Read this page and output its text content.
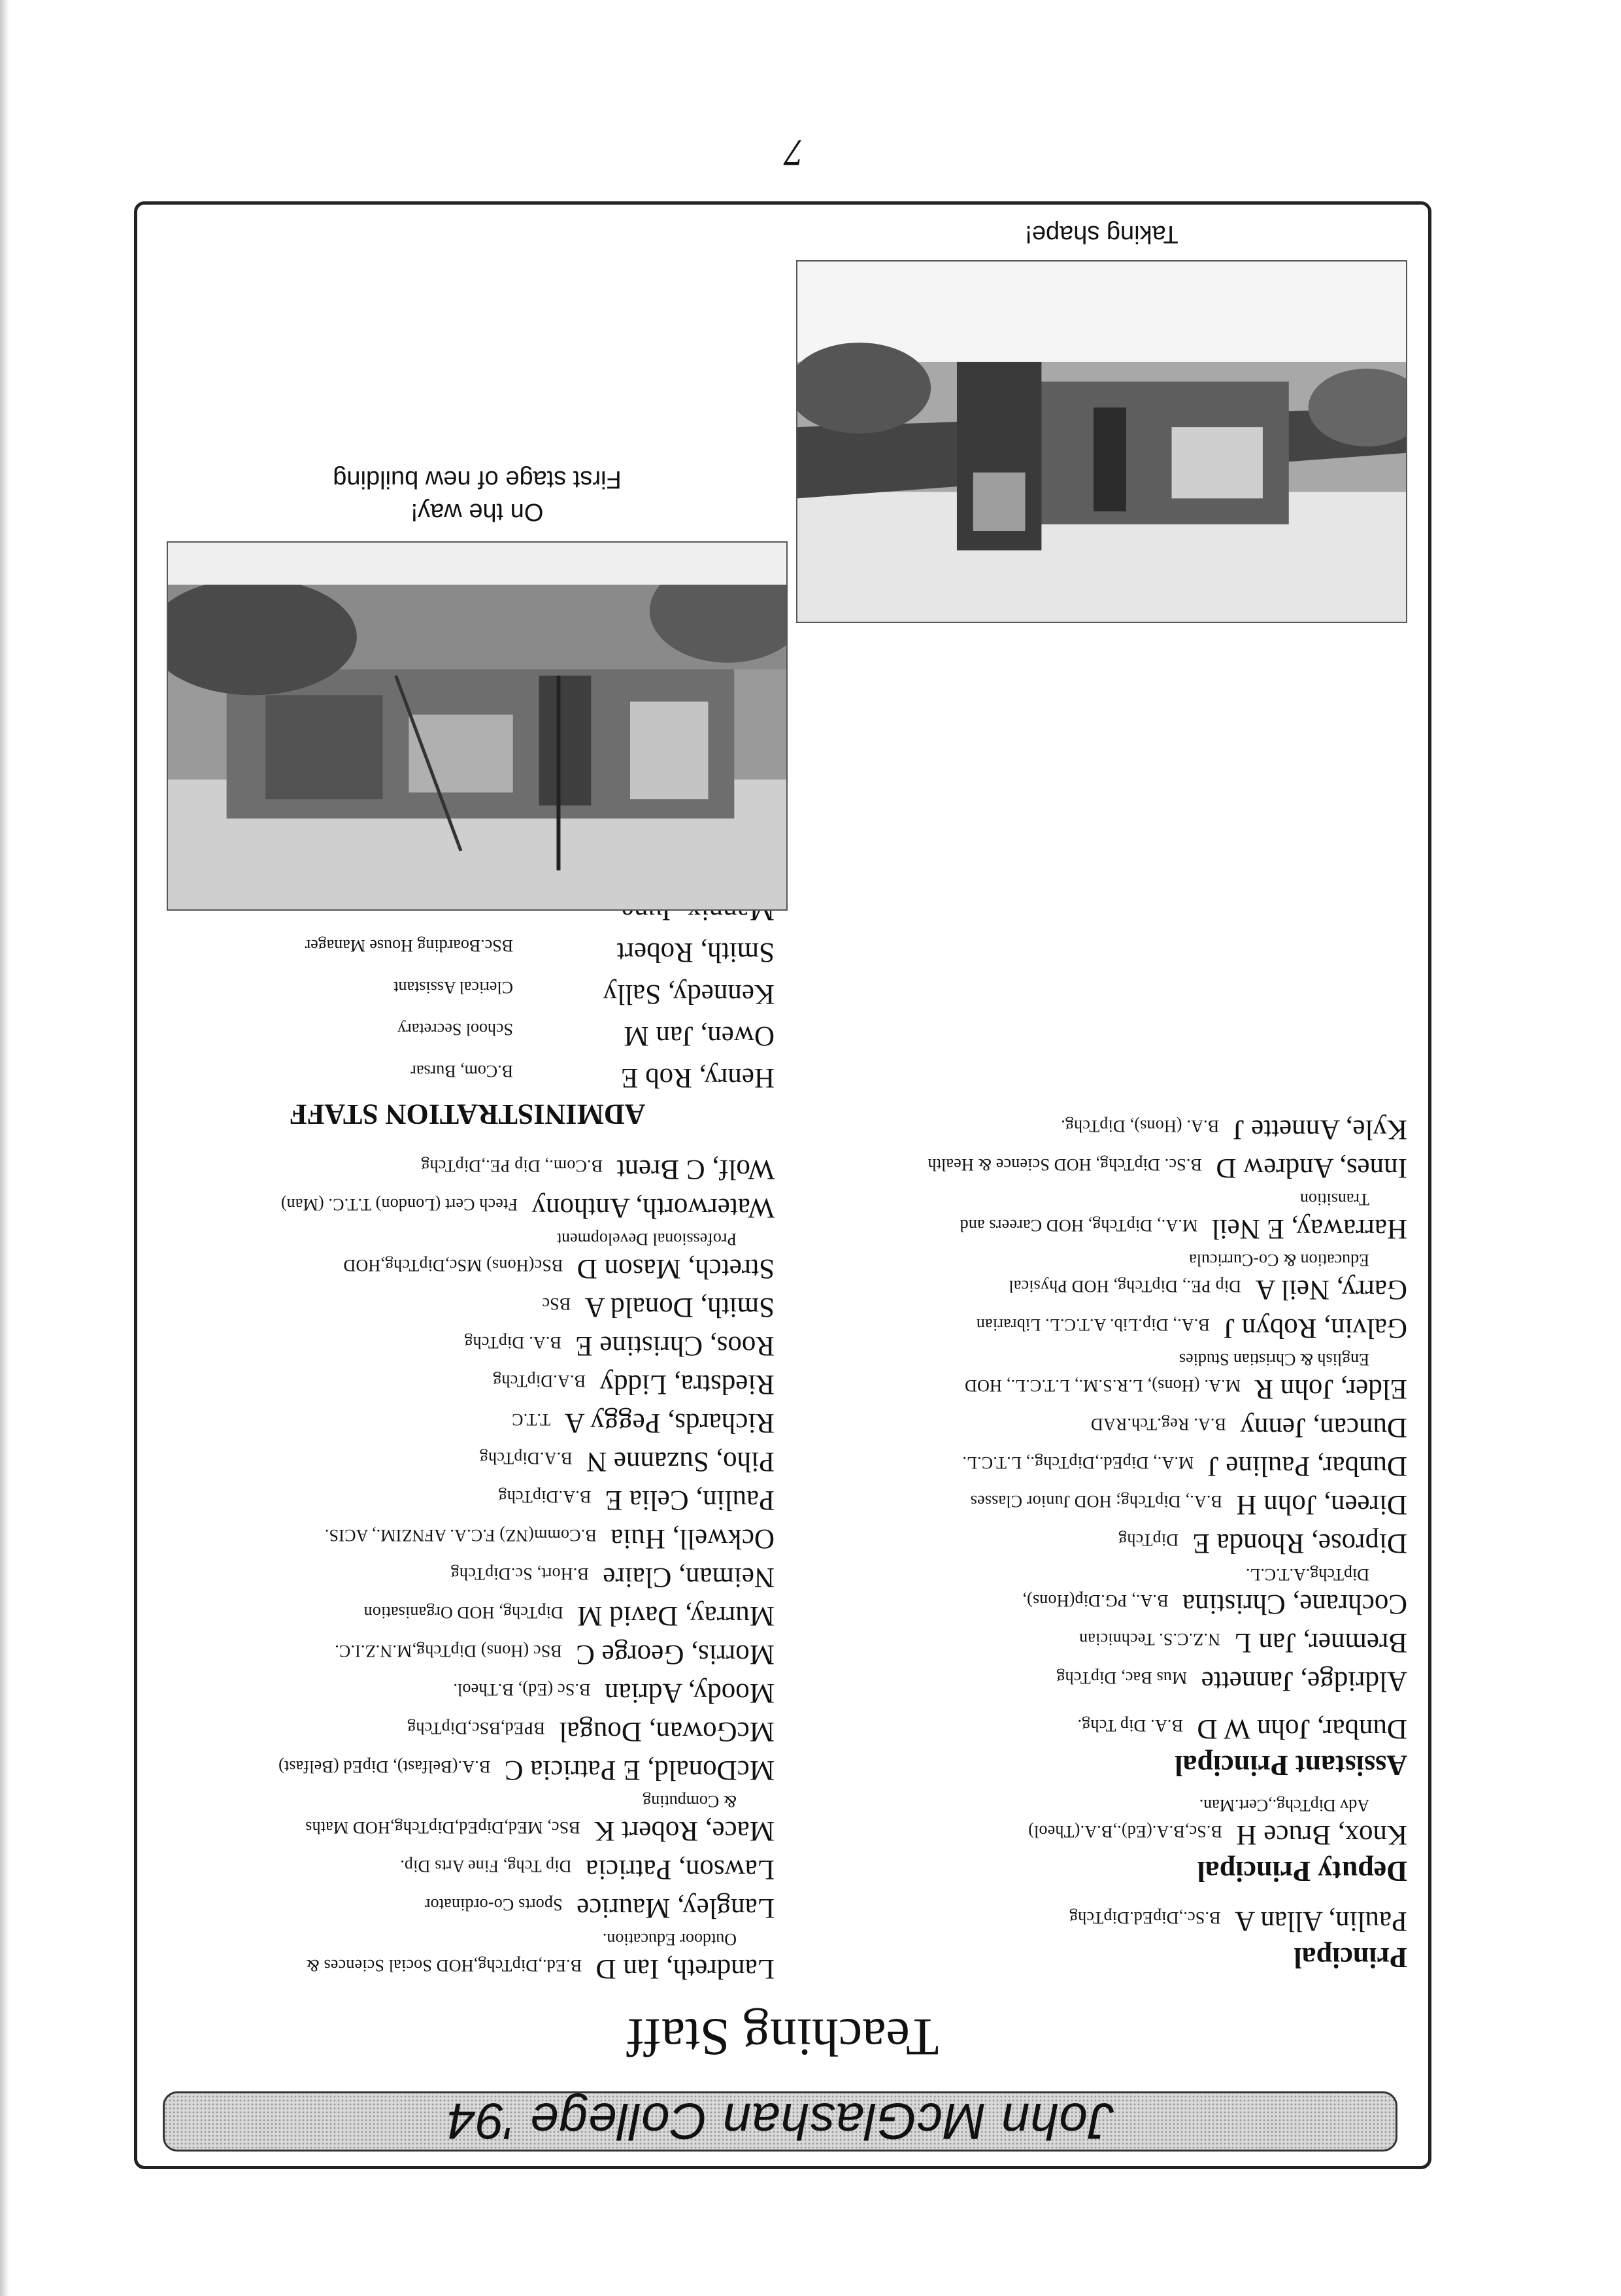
7
John McGlashan College '94
Teaching Staff
Principal
Paulin, Allan A  B.Sc.,DipEd.DipTchg
Deputy Principal
Knox, Bruce H  B.Sc,B.A.(Ed).,B.A.(Theol)
Adv DipTchg.,Cert.Man.
Assistant Principal
Dunbar, John W D  B.A. Dip Tchg.
Aldridge, Jannette  Mus Bac, DipTchg
Bremner, Jan L  N.Z.C.S. Technician
Cochrane, Christina  B.A., PG.Dip(Hons),
DipTchg.A.T.C.L.
Diprose, Rhonda E  DipTchg
Direen, John H  B.A., DipTchg; HOD Junior Classes
Dunbar, Pauline J  M.A., DipEd.,DipTchg., L.T.C.L.
Duncan, Jenny  B.A. Reg.Tch.RAD
Elder, John R  M.A. (Hons), L.R.S.M., L.T.C.L., HOD
English & Christian Studies
Galvin, Robyn J  B.A., Dip.Lib. A.T.C.L. Librarian
Garry, Neil A  Dip PE., DipTchg, HOD Physical
Education & Co-Curricula
Harraway, E Neil  M.A., DipTchg, HOD Careers and
Transition
Innes, Andrew D  B.Sc. DipTchg, HOD Science & Health
Kyle, Annette J  B.A. (Hons), DipTchg.
Landreth, Ian D  B.Ed.,DipTchg,HOD Social Sciences &
Outdoor Education.
Langley, Maurice  Sports Co-ordinator
Lawson, Patricia  Dip Tchg, Fine Arts Dip.
Mace, Robert K  BSc, MEd,DipEd,DipTchg,HOD Maths
& Computing
McDonald, E Patricia C  B.A.(Belfast), DipEd (Belfast)
McGowan, Dougal  BPEd,BSc,DipTchg
Moody, Adrian  B.Sc (Ed), B.Theol.
Morris, George C  BSc (Hons) DipTchg,M.N.Z.I.C.
Murray, David M  DipTchg, HOD Organisation
Neiman, Claire  B.Hort, Sc.DipTchg
Ockwell, Huia  B.Comm(NZ) F.C.A. AFNZIM., ACIS.
Paulin, Celia E  B.A.DipTchg
Piho, Suzanne N  B.A.DipTchg
Richards, Peggy A  T.T.C
Riedstra, Liddy  B.A.DipTchg
Roos, Christine E  B.A. DipTchg
Smith, Donald A  BSc
Stretch, Mason D  BSc(Hons) MSc,DipTchg,HOD
Professional Development
Waterworth, Anthony  Ftech Cert (London) T.T.C. (Man)
Wolf, C Brent  B.Com., Dip PE.,DipTchg
ADMINISTRATION STAFF
Henry, Rob E
B.Com, Bursar
Owen, Jan M
School Secretary
Kennedy, Sally
Clerical Assistant
Smith, Robert
BSc.Boarding House Manager
On the way!
First stage of new building
Taking shape!
